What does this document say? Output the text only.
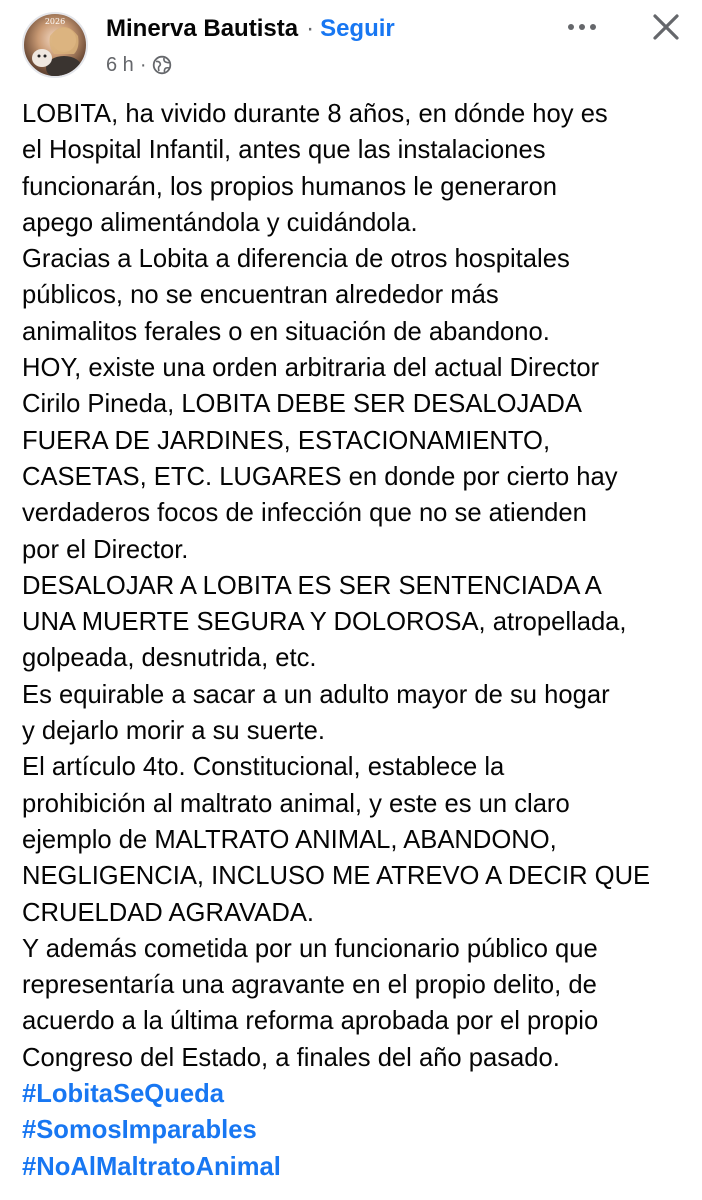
2026	Minerva Bautista · Seguir
6 h ·

LOBITA, ha vivido durante 8 años, en dónde hoy es

el Hospital Infantil, antes que las instalaciones

funcionarán, los propios humanos le generaron

apego alimentándola y cuidándola.

Gracias a Lobita a diferencia de otros hospitales

públicos, no se encuentran alrededor más

animalitos ferales o en situación de abandono.

HOY, existe una orden arbitraria del actual Director

Cirilo Pineda, LOBITA DEBE SER DESALOJADA

FUERA DE JARDINES, ESTACIONAMIENTO,

CASETAS, ETC. LUGARES en donde por cierto hay

verdaderos focos de infección que no se atienden

por el Director.

DESALOJAR A LOBITA ES SER SENTENCIADA A

UNA MUERTE SEGURA Y DOLOROSA, atropellada,

golpeada, desnutrida, etc.

Es equirable a sacar a un adulto mayor de su hogar

y dejarlo morir a su suerte.

El artículo 4to. Constitucional, establece la

prohibición al maltrato animal, y este es un claro

ejemplo de MALTRATO ANIMAL, ABANDONO,

NEGLIGENCIA, INCLUSO ME ATREVO A DECIR QUE

CRUELDAD AGRAVADA.

Y además cometida por un funcionario público que

representaría una agravante en el propio delito, de

acuerdo a la última reforma aprobada por el propio

Congreso del Estado, a finales del año pasado.

#LobitaSeQueda

#SomosImparables

#NoAlMaltratoAnimal
